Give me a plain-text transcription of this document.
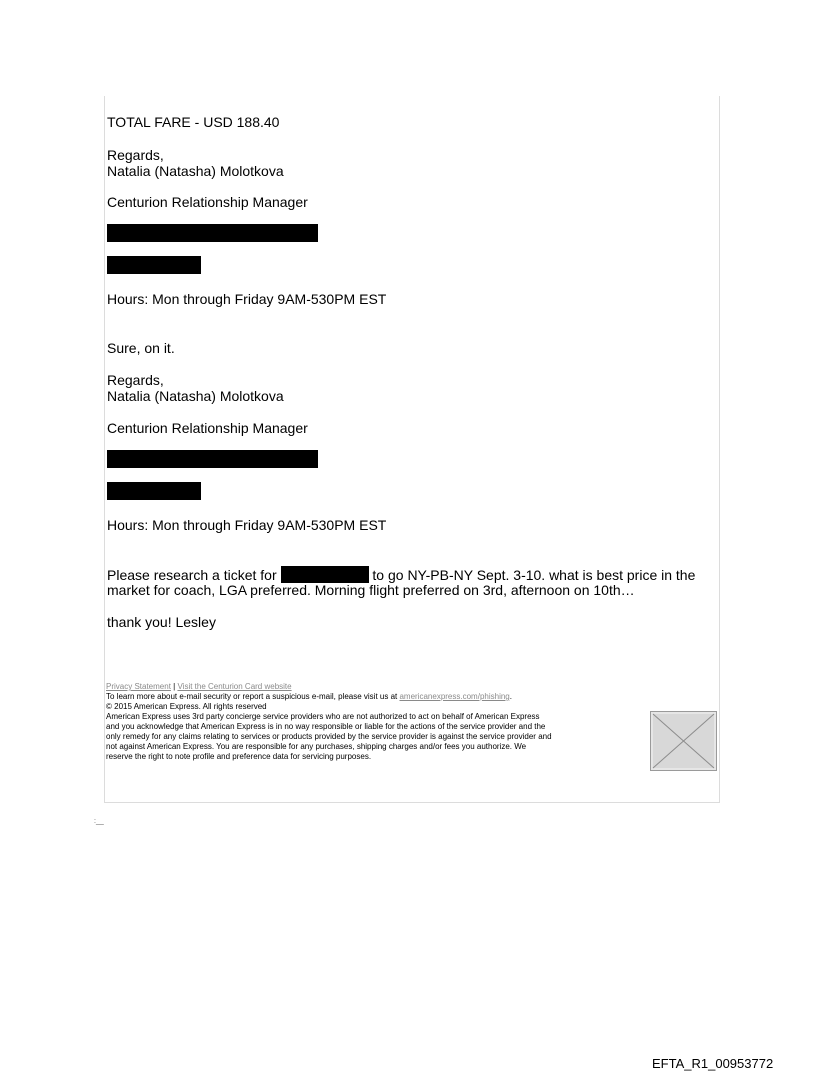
TOTAL FARE - USD 188.40
Regards,
Natalia (Natasha) Molotkova
Centurion Relationship Manager
Hours: Mon through Friday 9AM-530PM EST
Sure, on it.
Regards,
Natalia (Natasha) Molotkova
Centurion Relationship Manager
Hours: Mon through Friday 9AM-530PM EST
Please research a ticket for	to go NY-PB-NY Sept. 3-10. what is best price in the
market for coach, LGA preferred. Morning flight preferred on 3rd, afternoon on 10th…
thank you! Lesley
Privacy Statement | Visit the Centurion Card website
To learn more about e-mail security or report a suspicious e-mail, please visit us at americanexpress.com/phishing.
© 2015 American Express. All rights reserved
American Express uses 3rd party concierge service providers who are not authorized to act on behalf of American Express
and you acknowledge that American Express is in no way responsible or liable for the actions of the service provider and the
only remedy for any claims relating to services or products provided by the service provider is against the service provider and
not against American Express. You are responsible for any purchases, shipping charges and/or fees you authorize. We
reserve the right to note profile and preference data for servicing purposes.
:__
EFTA_R1_00953772
